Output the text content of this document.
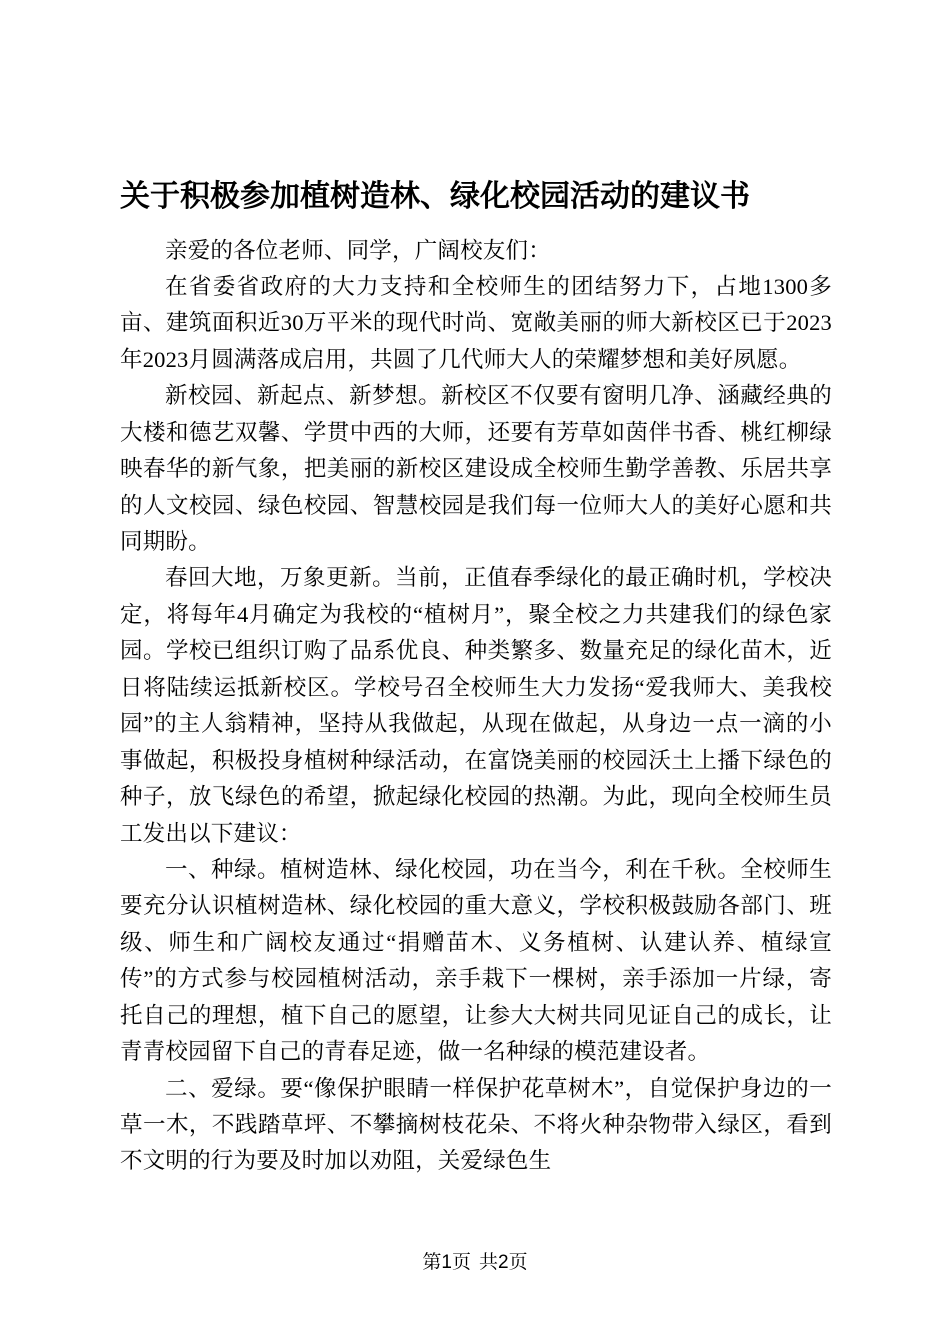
关于积极参加植树造林、绿化校园活动的建议书

亲爱的各位老师、同学，广阔校友们：

在省委省政府的大力支持和全校师生的团结努力下，占地1300多亩、建筑面积近30万平米的现代时尚、宽敞美丽的师大新校区已于2023年2023月圆满落成启用，共圆了几代师大人的荣耀梦想和美好夙愿。

新校园、新起点、新梦想。新校区不仅要有窗明几净、涵藏经典的大楼和德艺双馨、学贯中西的大师，还要有芳草如茵伴书香、桃红柳绿映春华的新气象，把美丽的新校区建设成全校师生勤学善教、乐居共享的人文校园、绿色校园、智慧校园是我们每一位师大人的美好心愿和共同期盼。

春回大地，万象更新。当前，正值春季绿化的最正确时机，学校决定，将每年4月确定为我校的“植树月”，聚全校之力共建我们的绿色家园。学校已组织订购了品系优良、种类繁多、数量充足的绿化苗木，近日将陆续运抵新校区。学校号召全校师生大力发扬“爱我师大、美我校园”的主人翁精神，坚持从我做起，从现在做起，从身边一点一滴的小事做起，积极投身植树种绿活动，在富饶美丽的校园沃土上播下绿色的种子，放飞绿色的希望，掀起绿化校园的热潮。为此，现向全校师生员工发出以下建议：

一、种绿。植树造林、绿化校园，功在当今，利在千秋。全校师生要充分认识植树造林、绿化校园的重大意义，学校积极鼓励各部门、班级、师生和广阔校友通过“捐赠苗木、义务植树、认建认养、植绿宣传”的方式参与校园植树活动，亲手栽下一棵树，亲手添加一片绿，寄托自己的理想，植下自己的愿望，让参大大树共同见证自己的成长，让青青校园留下自己的青春足迹，做一名种绿的模范建设者。

二、爱绿。要“像保护眼睛一样保护花草树木”，自觉保护身边的一草一木，不践踏草坪、不攀摘树枝花朵、不将火种杂物带入绿区，看到不文明的行为要及时加以劝阻，关爱绿色生

第1页 共2页
